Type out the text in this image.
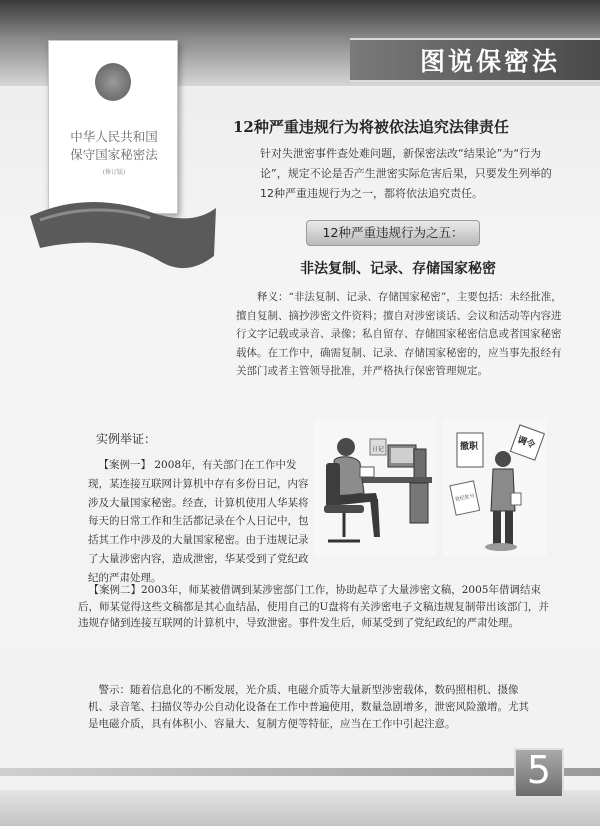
图说保密法
中华人民共和国
保守国家秘密法
(修订版)
12种严重违规行为将被依法追究法律责任

针对失泄密事件查处难问题，新保密法改“结果论”为“行为论”，规定不论是否产生泄密实际危害后果，只要发生列举的12种严重违规行为之一，都将依法追究责任。

12种严重违规行为之五：
非法复制、记录、存储国家秘密

释义：“非法复制、记录、存储国家秘密”，主要包括：未经批准，擅自复制、摘抄涉密文件资料；擅自对涉密谈话、会议和活动等内容进行文字记载或录音、录像；私自留存、存储国家秘密信息或者国家秘密载体。在工作中，确需复制、记录、存储国家秘密的，应当事先报经有关部门或者主管领导批准，并严格执行保密管理规定。

实例举证：

【案例一】 2008年，有关部门在工作中发现，某连接互联网计算机中存有多份日记，内容涉及大量国家秘密。经查，计算机使用人华某将每天的日常工作和生活都记录在个人日记中，包括其工作中涉及的大量国家秘密。由于违规记录了大量涉密内容，造成泄密，华某受到了党纪政纪的严肃处理。

日记	撤职	调令
党纪处分

【案例二】2003年，师某被借调到某涉密部门工作，协助起草了大量涉密文稿，2005年借调结束后，师某觉得这些文稿都是其心血结晶，使用自己的U盘将有关涉密电子文稿违规复制带出该部门，并违规存储到连接互联网的计算机中，导致泄密。事件发生后，师某受到了党纪政纪的严肃处理。

警示：随着信息化的不断发展，光介质、电磁介质等大量新型涉密载体，数码照相机、摄像机、录音笔、扫描仪等办公自动化设备在工作中普遍使用，数量急剧增多，泄密风险激增。尤其是电磁介质，具有体积小、容量大、复制方便等特征，应当在工作中引起注意。

5
